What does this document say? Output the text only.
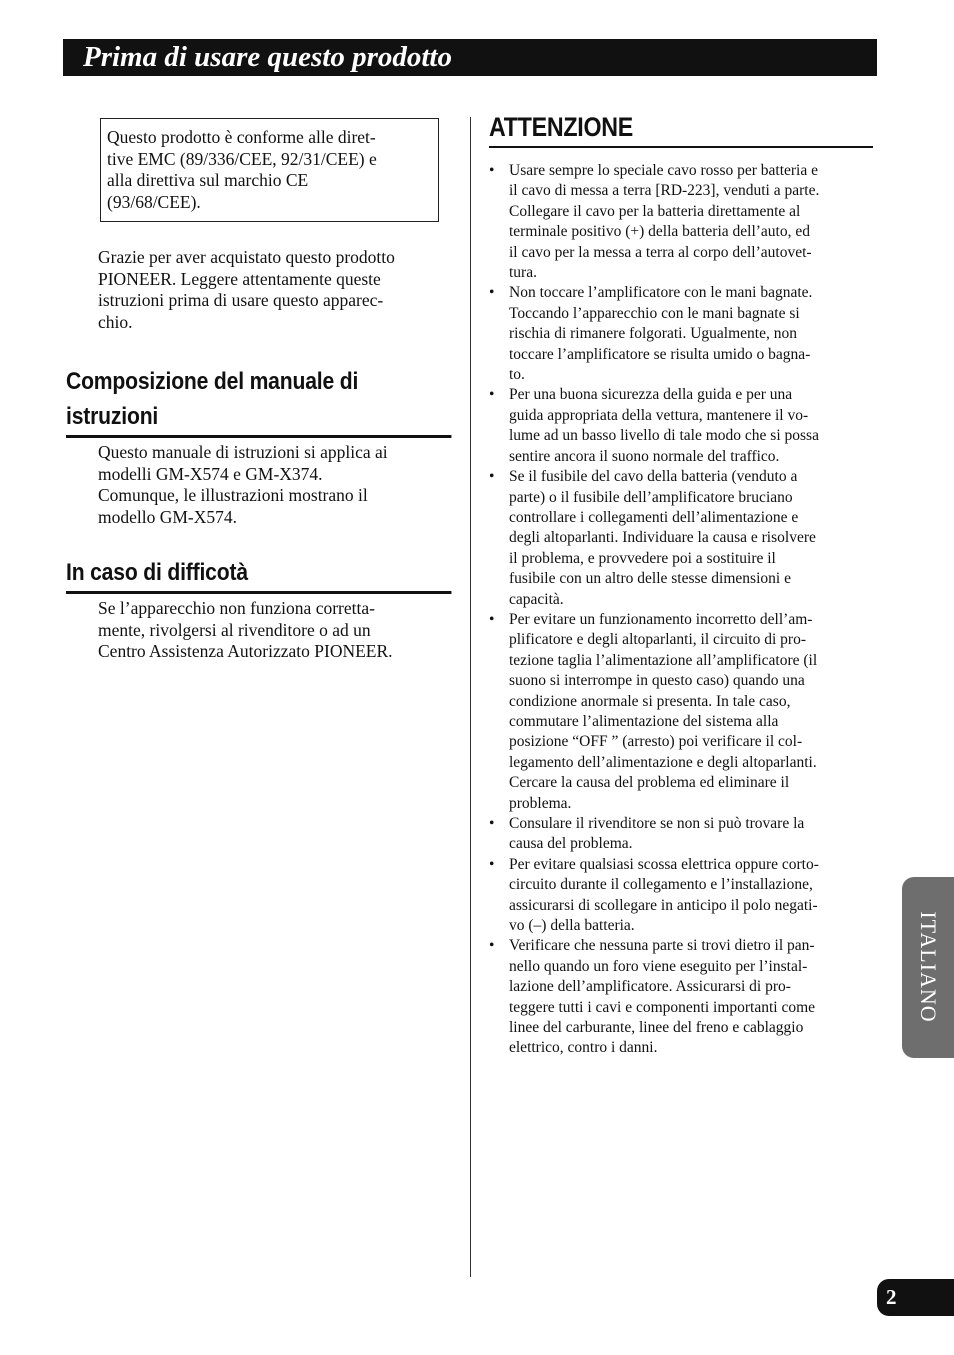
Prima di usare questo prodotto
Questo prodotto è conforme alle diret-
tive EMC (89/336/CEE, 92/31/CEE) e
alla direttiva sul marchio CE
(93/68/CEE).
Grazie per aver acquistato questo prodotto
PIONEER. Leggere attentamente queste
istruzioni prima di usare questo apparec-
chio.
Composizione del manuale di
istruzioni
Questo manuale di istruzioni si applica ai
modelli GM-X574 e GM-X374.
Comunque, le illustrazioni mostrano il
modello GM-X574.
In caso di difficotà
Se l’apparecchio non funziona corretta-
mente, rivolgersi al rivenditore o ad un
Centro Assistenza Autorizzato PIONEER.
ATTENZIONE
• Usare sempre lo speciale cavo rosso per batteria e
il cavo di messa a terra [RD-223], venduti a parte.
Collegare il cavo per la batteria direttamente al
terminale positivo (+) della batteria dell’auto, ed
il cavo per la messa a terra al corpo dell’autovet-
tura.
• Non toccare l’amplificatore con le mani bagnate.
Toccando l’apparecchio con le mani bagnate si
rischia di rimanere folgorati. Ugualmente, non
toccare l’amplificatore se risulta umido o bagna-
to.
• Per una buona sicurezza della guida e per una
guida appropriata della vettura, mantenere il vo-
lume ad un basso livello di tale modo che si possa
sentire ancora il suono normale del traffico.
• Se il fusibile del cavo della batteria (venduto a
parte) o il fusibile dell’amplificatore bruciano
controllare i collegamenti dell’alimentazione e
degli altoparlanti. Individuare la causa e risolvere
il problema, e provvedere poi a sostituire il
fusibile con un altro delle stesse dimensioni e
capacità.
• Per evitare un funzionamento incorretto dell’am-
plificatore e degli altoparlanti, il circuito di pro-
tezione taglia l’alimentazione all’amplificatore (il
suono si interrompe in questo caso) quando una
condizione anormale si presenta. In tale caso,
commutare l’alimentazione del sistema alla
posizione “OFF ” (arresto) poi verificare il col-
legamento dell’alimentazione e degli altoparlanti.
Cercare la causa del problema ed eliminare il
problema.
• Consulare il rivenditore se non si può trovare la
causa del problema.
• Per evitare qualsiasi scossa elettrica oppure corto-
circuito durante il collegamento e l’installazione,
assicurarsi di scollegare in anticipo il polo negati-
vo (–) della batteria.
• Verificare che nessuna parte si trovi dietro il pan-
nello quando un foro viene eseguito per l’instal-
lazione dell’amplificatore. Assicurarsi di pro-
teggere tutti i cavi e componenti importanti come
linee del carburante, linee del freno e cablaggio
elettrico, contro i danni.
ITALIANO
2
